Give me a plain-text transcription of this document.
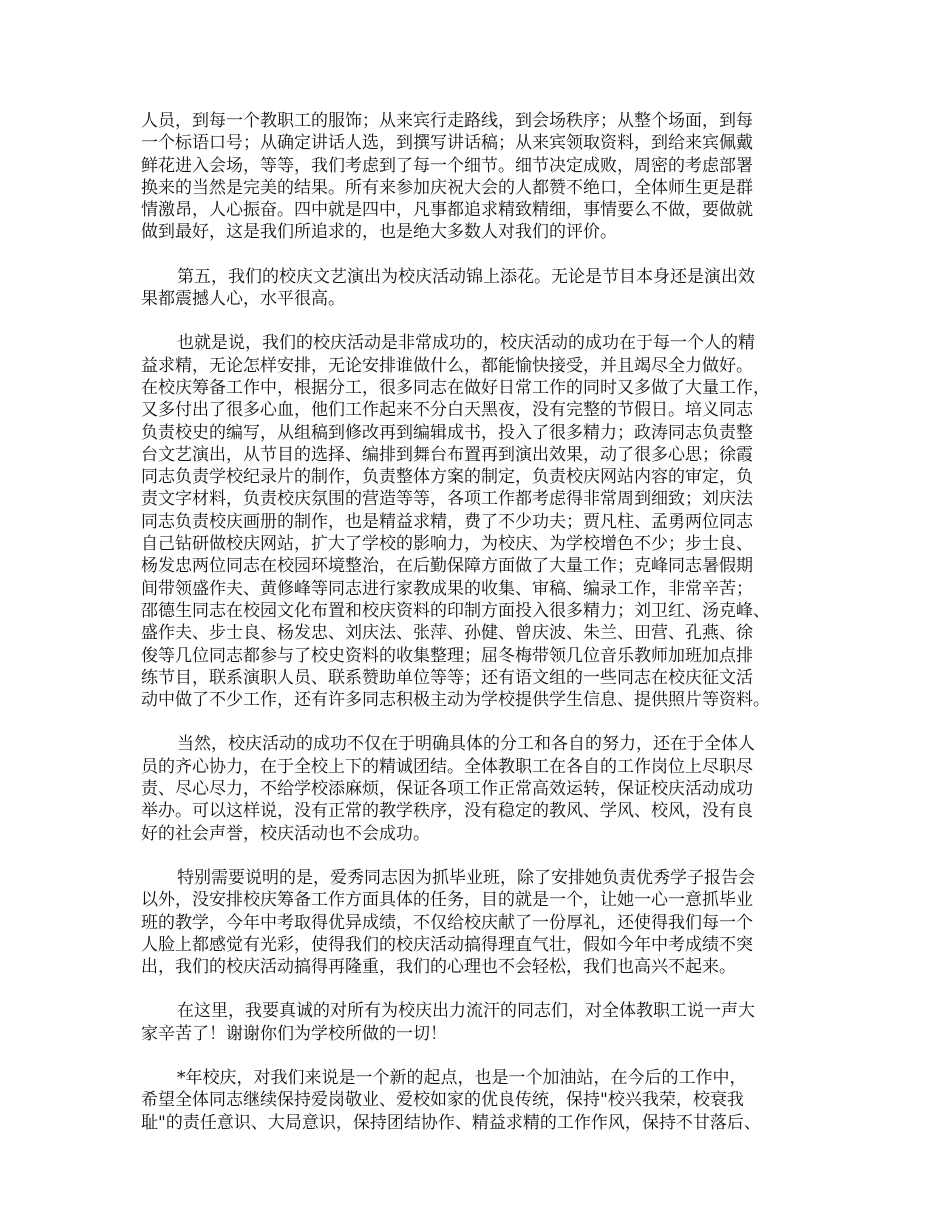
人员，到每一个教职工的服饰；从来宾行走路线，到会场秩序；从整个场面，到每
一个标语口号；从确定讲话人选，到撰写讲话稿；从来宾领取资料，到给来宾佩戴
鲜花进入会场，等等，我们考虑到了每一个细节。细节决定成败，周密的考虑部署
换来的当然是完美的结果。所有来参加庆祝大会的人都赞不绝口，全体师生更是群
情激昂，人心振奋。四中就是四中，凡事都追求精致精细，事情要么不做，要做就
做到最好，这是我们所追求的，也是绝大多数人对我们的评价。
第五，我们的校庆文艺演出为校庆活动锦上添花。无论是节目本身还是演出效
果都震撼人心，水平很高。
也就是说，我们的校庆活动是非常成功的，校庆活动的成功在于每一个人的精
益求精，无论怎样安排，无论安排谁做什么，都能愉快接受，并且竭尽全力做好。
在校庆筹备工作中，根据分工，很多同志在做好日常工作的同时又多做了大量工作，
又多付出了很多心血，他们工作起来不分白天黑夜，没有完整的节假日。培义同志
负责校史的编写，从组稿到修改再到编辑成书，投入了很多精力；政涛同志负责整
台文艺演出，从节目的选择、编排到舞台布置再到演出效果，动了很多心思；徐霞
同志负责学校纪录片的制作，负责整体方案的制定，负责校庆网站内容的审定，负
责文字材料，负责校庆氛围的营造等等，各项工作都考虑得非常周到细致；刘庆法
同志负责校庆画册的制作，也是精益求精，费了不少功夫；贾凡柱、孟勇两位同志
自己钻研做校庆网站，扩大了学校的影响力，为校庆、为学校增色不少；步士良、
杨发忠两位同志在校园环境整治，在后勤保障方面做了大量工作；克峰同志暑假期
间带领盛作夫、黄修峰等同志进行家教成果的收集、审稿、编录工作，非常辛苦；
邵德生同志在校园文化布置和校庆资料的印制方面投入很多精力；刘卫红、汤克峰、
盛作夫、步士良、杨发忠、刘庆法、张萍、孙健、曾庆波、朱兰、田营、孔燕、徐
俊等几位同志都参与了校史资料的收集整理；屈冬梅带领几位音乐教师加班加点排
练节目，联系演职人员、联系赞助单位等等；还有语文组的一些同志在校庆征文活
动中做了不少工作，还有许多同志积极主动为学校提供学生信息、提供照片等资料。
当然，校庆活动的成功不仅在于明确具体的分工和各自的努力，还在于全体人
员的齐心协力，在于全校上下的精诚团结。全体教职工在各自的工作岗位上尽职尽
责、尽心尽力，不给学校添麻烦，保证各项工作正常高效运转，保证校庆活动成功
举办。可以这样说，没有正常的教学秩序，没有稳定的教风、学风、校风，没有良
好的社会声誉，校庆活动也不会成功。
特别需要说明的是，爱秀同志因为抓毕业班，除了安排她负责优秀学子报告会
以外，没安排校庆筹备工作方面具体的任务，目的就是一个，让她一心一意抓毕业
班的教学，今年中考取得优异成绩，不仅给校庆献了一份厚礼，还使得我们每一个
人脸上都感觉有光彩，使得我们的校庆活动搞得理直气壮，假如今年中考成绩不突
出，我们的校庆活动搞得再隆重，我们的心理也不会轻松，我们也高兴不起来。
在这里，我要真诚的对所有为校庆出力流汗的同志们，对全体教职工说一声大
家辛苦了！谢谢你们为学校所做的一切！
*年校庆，对我们来说是一个新的起点，也是一个加油站，在今后的工作中，
希望全体同志继续保持爱岗敬业、爱校如家的优良传统，保持"校兴我荣，校衰我
耻"的责任意识、大局意识，保持团结协作、精益求精的工作作风，保持不甘落后、
